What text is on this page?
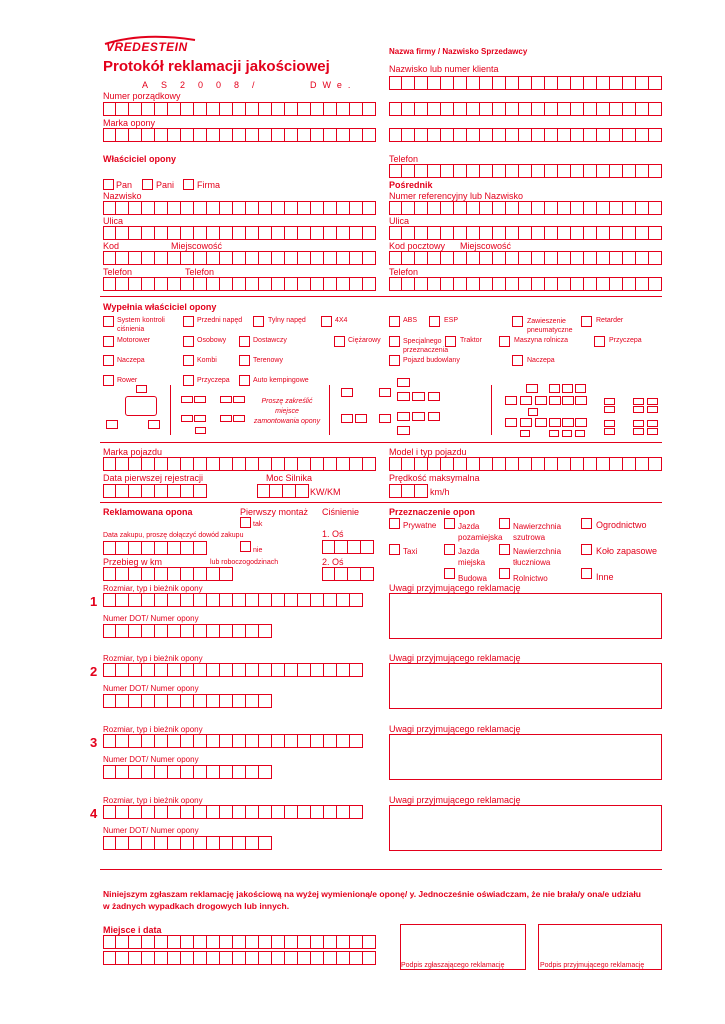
VREDESTEIN
Protokół reklamacji jakościowej
AS2008/	DWe.
Numer porządkowy
Marka opony
Właściciel opony
Pan	Pani	Firma
Nazwisko
Ulica
Kod	Miejscowość
Telefon	Telefon
Nazwa firmy / Nazwisko Sprzedawcy
Nazwisko lub numer klienta
Telefon
Pośrednik
Numer referencyjny lub Nazwisko
Ulica
Kod pocztowy Miejscowość
Telefon
Wypełnia właściciel opony
System kontroli ciśnienia
Przedni napęd	Tylny napęd	4X4	ABS	ESP	Zawieszenie pneumatyczne
Retarder
Motorower	Osobowy	Dostawczy	Ciężarowy	Specjalnego przeznaczenia
Traktor	Maszyna rolnicza	Przyczepa
Naczepa	Kombi	Terenowy	Pojazd budowlany	Naczepa
Rower	Przyczepa	Auto kempingowe
Proszę zakreślić miejsce zamontowania opony
Marka pojazdu	Model i typ pojazdu
Data pierwszej rejestracji	Moc Silnika
KW/KM
Prędkość maksymalna
km/h
Reklamowana opona	Pierwszy montaż Ciśnienie
tak
1. Oś
Data zakupu, proszę dołączyć dowód zakupu
nie
Przebieg w km	lub roboczogodzinach	2. Oś
Przeznaczenie opon
Prywatne	Jazda pozamiejska
Nawierzchnia szutrowa
Ogrodnictwo
Taxi	Jazda miejska
Nawierzchnia tłuczniowa
Koło zapasowe
Budowa	Rolnictwo	Inne
1
Rozmiar, typ i bieżnik opony
Numer DOT/ Numer opony
Uwagi przyjmującego reklamację
2
Rozmiar, typ i bieżnik opony
Numer DOT/ Numer opony
Uwagi przyjmującego reklamację
3
Rozmiar, typ i bieżnik opony
Numer DOT/ Numer opony
Uwagi przyjmującego reklamację
4
Rozmiar, typ i bieżnik opony
Numer DOT/ Numer opony
Uwagi przyjmującego reklamację
Niniejszym zgłaszam reklamację jakościową na wyżej wymienioną/e oponę/ y. Jednocześnie oświadczam, że nie brała/y ona/e udziału w żadnych wypadkach drogowych lub innych.
Miejsce i data
Podpis zgłaszającego reklamację	Podpis przyjmującego reklamację
